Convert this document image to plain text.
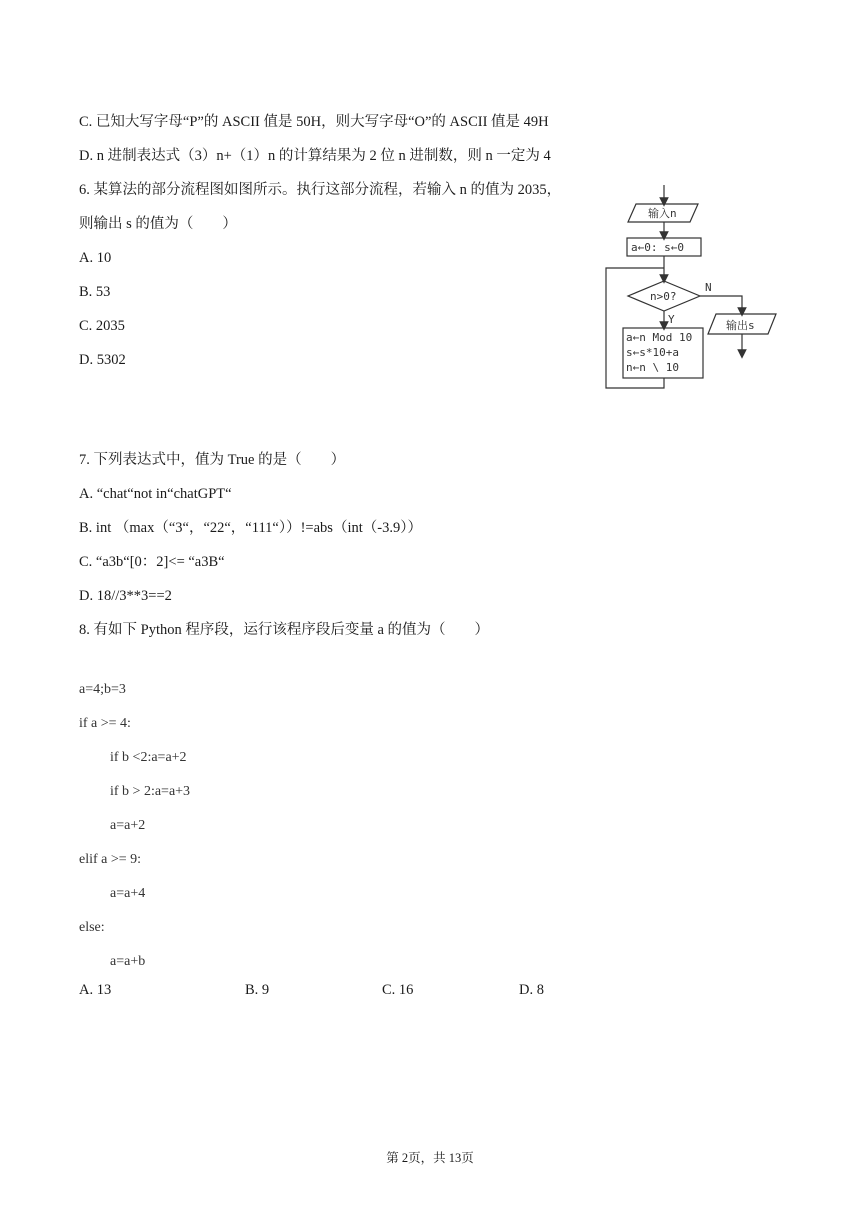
C. 已知大写字母“P”的 ASCII 值是 50H，则大写字母“O”的 ASCII 值是 49H
D. n 进制表达式（3）n+（1）n 的计算结果为 2 位 n 进制数，则 n 一定为 4
6. 某算法的部分流程图如图所示。执行这部分流程，若输入 n 的值为 2035，
则输出 s 的值为（　　）
A. 10
B. 53
C. 2035
D. 5302
输入n
a←0: s←0
n>0?
N
Y	输出s
a←n Mod 10
s←s*10+a
n←n \ 10
7. 下列表达式中，值为 True 的是（　　）
A. “chat“not in“chatGPT“
B. int （max（“3“，“22“，“111“））!=abs（int（-3.9））
C. “a3b“[0：2]<= “a3B“
D. 18//3**3==2
8. 有如下 Python 程序段，运行该程序段后变量 a 的值为（　　）
a=4;b=3
if a >= 4:
if b <2:a=a+2
if b > 2:a=a+3
a=a+2
elif a >= 9:
a=a+4
else:
a=a+b
A. 13	B. 9	C. 16	D. 8
第 2页，共 13页
